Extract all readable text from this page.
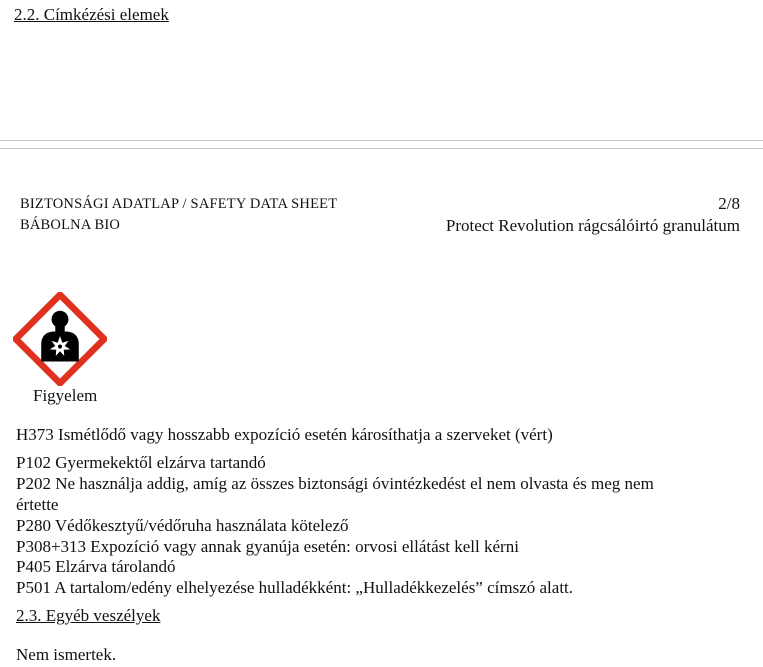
2.2. Címkézési elemek
BIZTONSÁGI ADATLAP / SAFETY DATA SHEET
BÁBOLNA BIO
2/8
Protect Revolution rágcsálóirtó granulátum
Figyelem
H373 Ismétlődő vagy hosszabb expozíció esetén károsíthatja a szerveket (vért)
P102 Gyermekektől elzárva tartandó
P202 Ne használja addig, amíg az összes biztonsági óvintézkedést el nem olvasta és meg nem
értette
P280 Védőkesztyű/védőruha használata kötelező
P308+313 Expozíció vagy annak gyanúja esetén: orvosi ellátást kell kérni
P405 Elzárva tárolandó
P501 A tartalom/edény elhelyezése hulladékként: „Hulladékkezelés” címszó alatt.
2.3. Egyéb veszélyek
Nem ismertek.
